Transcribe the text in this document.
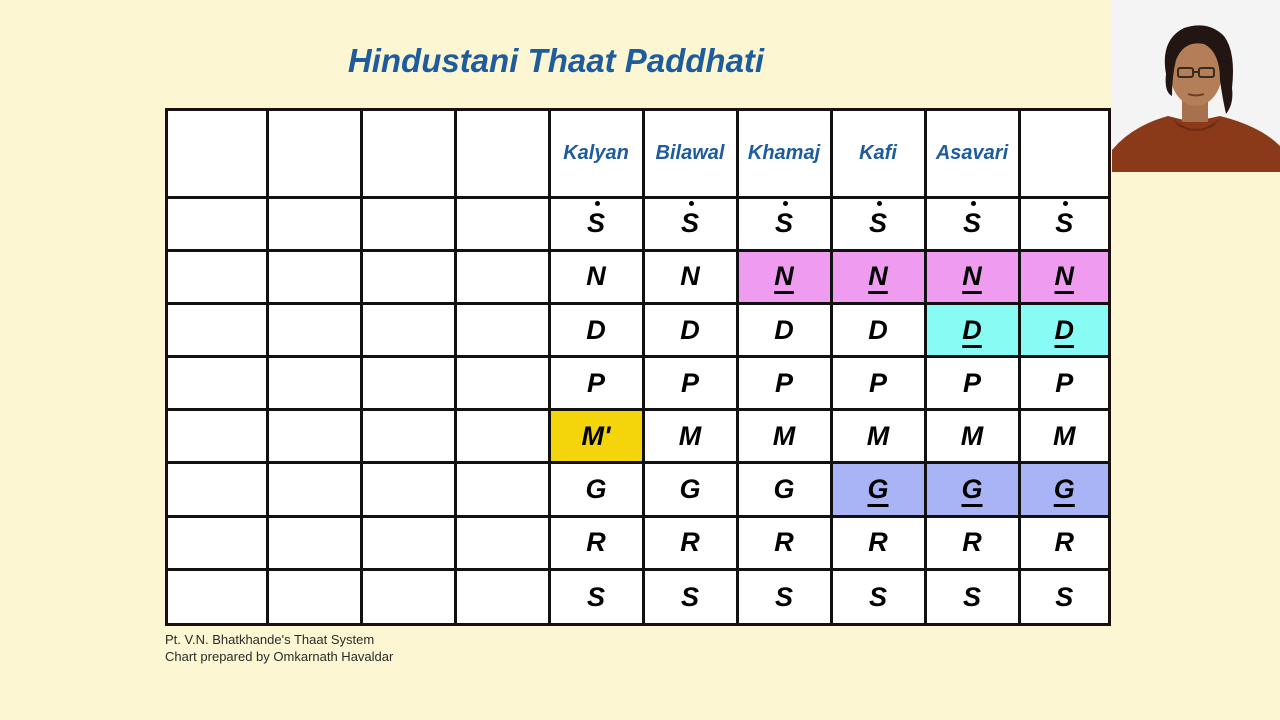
Hindustani Thaat Paddhati
				Kalyan	Bilawal	Khamaj	Kafi	Asavari	
				S	S	S	S	S	S
				N	N	N	N	N	N
				D	D	D	D	D	D
				P	P	P	P	P	P
				M'	M	M	M	M	M
				G	G	G	G	G	G
				R	R	R	R	R	R
				S	S	S	S	S	S
Pt. V.N. Bhatkhande's Thaat System
Chart prepared by Omkarnath Havaldar
